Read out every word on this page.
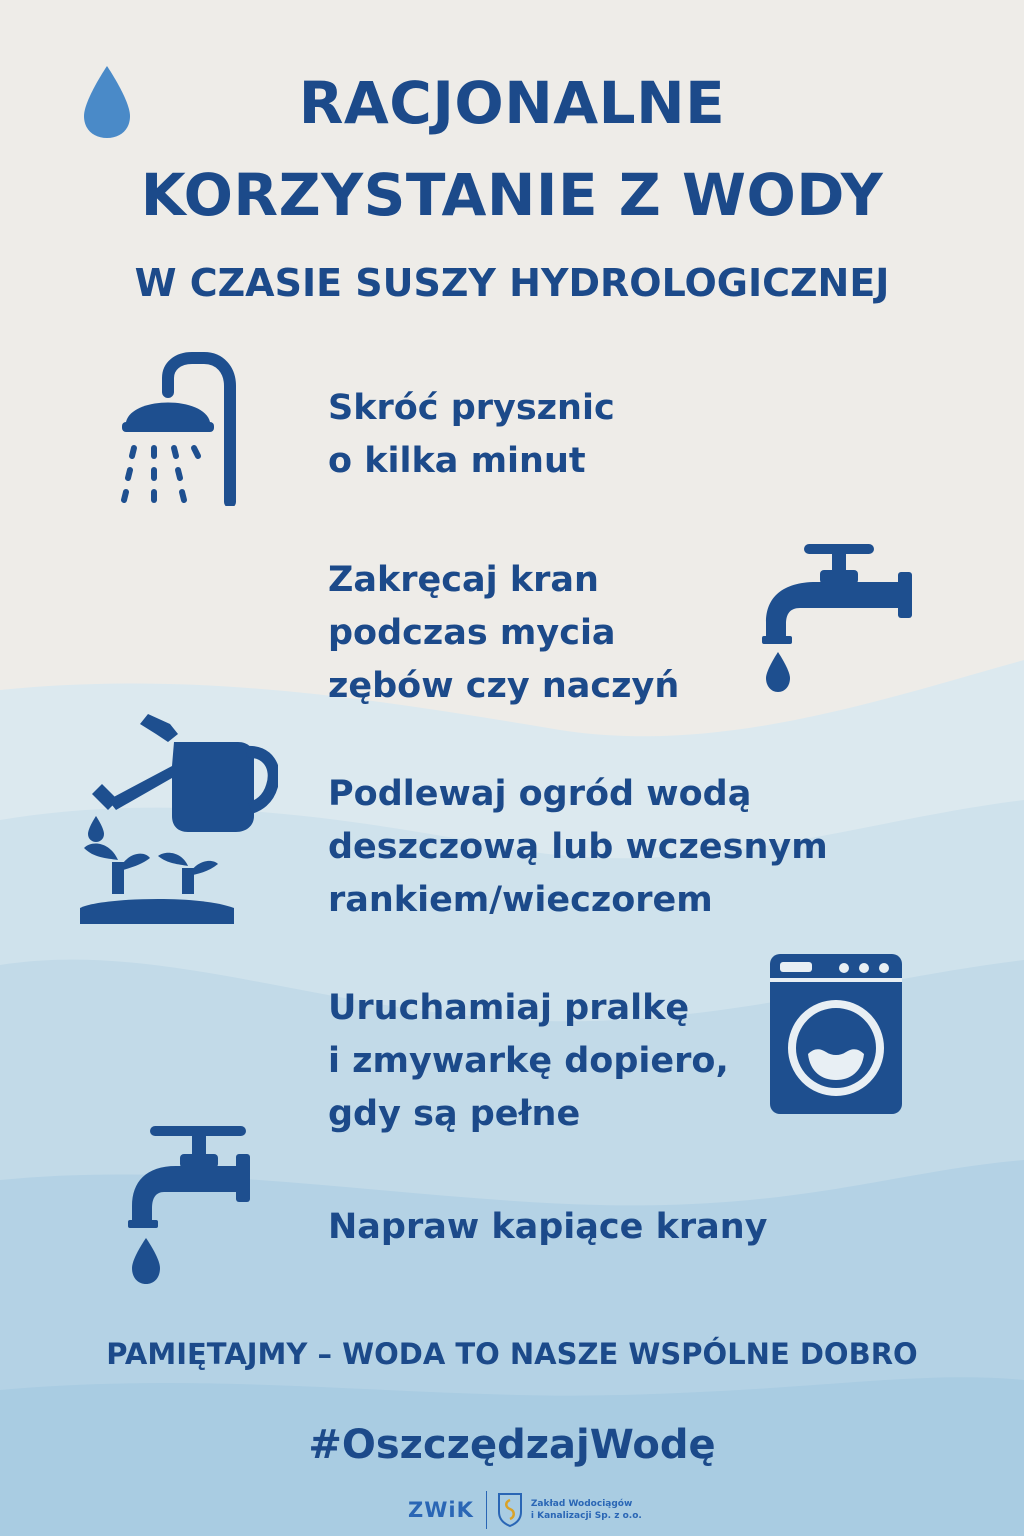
RACJONALNE
KORZYSTANIE Z WODY
W CZASIE SUSZY HYDROLOGICZNEJ

Skróć prysznic
o kilka minut

Zakręcaj kran
podczas mycia
zębów czy naczyń

Podlewaj ogród wodą
deszczową lub wczesnym
rankiem/wieczorem

Uruchamiaj pralkę
i zmywarkę dopiero,
gdy są pełne

Napraw kapiące krany

PAMIĘTAJMY – WODA TO NASZE WSPÓLNE DOBRO

#OszczędzajWodę

ZWiK	Zakład Wodociągów
i Kanalizacji Sp. z o.o.
